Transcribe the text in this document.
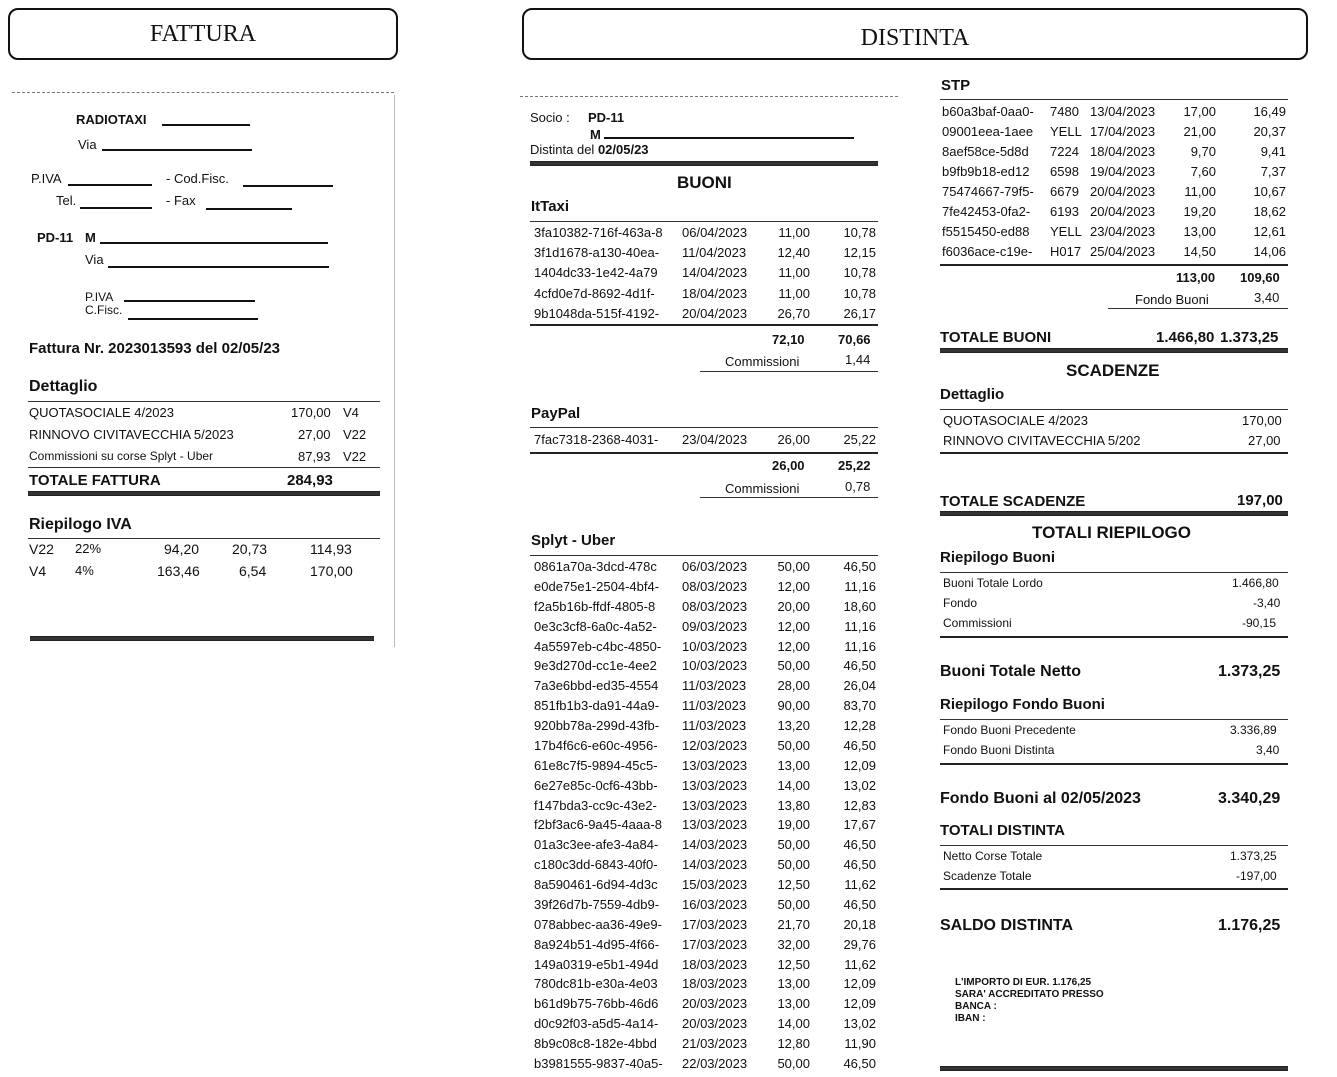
FATTURA
RADIOTAXI
Via
P.IVA	- Cod.Fisc.
Tel.	- Fax
PD-11 M
Via
P.IVA
C.Fisc.
Fattura Nr. 2023013593 del 02/05/23
Dettaglio
QUOTASOCIALE 4/2023	170,00 V4
RINNOVO CIVITAVECCHIA 5/2023	27,00 V22
Commissioni su corse Splyt - Uber	87,93 V22
TOTALE FATTURA	284,93
Riepilogo IVA
V22 22%	94,20 20,73	114,93
V4 4%	163,46	6,54	170,00
DISTINTA
Socio : PD-11
M
Distinta del 02/05/23
BUONI
ItTaxi
3fa10382-716f-463a-8	06/04/2023	11,00	10,78
3f1d1678-a130-40ea-	11/04/2023	12,40	12,15
1404dc33-1e42-4a79	14/04/2023	11,00	10,78
4cfd0e7d-8692-4d1f-	18/04/2023	11,00	10,78
9b1048da-515f-4192-	20/04/2023	26,70	26,17
72,10	70,66
Commissioni	1,44
PayPal
7fac7318-2368-4031-	23/04/2023	26,00	25,22
26,00	25,22
Commissioni	0,78
Splyt - Uber
0861a70a-3dcd-478c	06/03/2023	50,00	46,50
e0de75e1-2504-4bf4-	08/03/2023	12,00	11,16
f2a5b16b-ffdf-4805-8	08/03/2023	20,00	18,60
0e3c3cf8-6a0c-4a52-	09/03/2023	12,00	11,16
4a5597eb-c4bc-4850-	10/03/2023	12,00	11,16
9e3d270d-cc1e-4ee2	10/03/2023	50,00	46,50
7a3e6bbd-ed35-4554	11/03/2023	28,00	26,04
851fb1b3-da91-44a9-	11/03/2023	90,00	83,70
920bb78a-299d-43fb-	11/03/2023	13,20	12,28
17b4f6c6-e60c-4956-	12/03/2023	50,00	46,50
61e8c7f5-9894-45c5-	13/03/2023	13,00	12,09
6e27e85c-0cf6-43bb-	13/03/2023	14,00	13,02
f147bda3-cc9c-43e2-	13/03/2023	13,80	12,83
f2bf3ac6-9a45-4aaa-8	13/03/2023	19,00	17,67
01a3c3ee-afe3-4a84-	14/03/2023	50,00	46,50
c180c3dd-6843-40f0-	14/03/2023	50,00	46,50
8a590461-6d94-4d3c	15/03/2023	12,50	11,62
39f26d7b-7559-4db9-	16/03/2023	50,00	46,50
078abbec-aa36-49e9-	17/03/2023	21,70	20,18
8a924b51-4d95-4f66-	17/03/2023	32,00	29,76
149a0319-e5b1-494d	18/03/2023	12,50	11,62
780dc81b-e30a-4e03	18/03/2023	13,00	12,09
b61d9b75-76bb-46d6	20/03/2023	13,00	12,09
d0c92f03-a5d5-4a14-	20/03/2023	14,00	13,02
8b9c08c8-182e-4bbd	21/03/2023	12,80	11,90
b3981555-9837-40a5-	22/03/2023	50,00	46,50
STP
b60a3baf-0aa0-	7480 13/04/2023	17,00	16,49
09001eea-1aee	YELL 17/04/2023	21,00	20,37
8aef58ce-5d8d	7224 18/04/2023	9,70	9,41
b9fb9b18-ed12	6598 19/04/2023	7,60	7,37
75474667-79f5-	6679 20/04/2023	11,00	10,67
7fe42453-0fa2-	6193 20/04/2023	19,20	18,62
f5515450-ed88	YELL 23/04/2023	13,00	12,61
f6036ace-c19e-	H017 25/04/2023	14,50	14,06
113,00 109,60
Fondo Buoni	3,40
TOTALE BUONI	1.466,80 1.373,25
SCADENZE
Dettaglio
QUOTASOCIALE 4/2023	170,00
RINNOVO CIVITAVECCHIA 5/202	27,00
TOTALE SCADENZE	197,00
TOTALI RIEPILOGO
Riepilogo Buoni
Buoni Totale Lordo	1.466,80
Fondo	-3,40
Commissioni	-90,15
Buoni Totale Netto	1.373,25
Riepilogo Fondo Buoni
Fondo Buoni Precedente	3.336,89
Fondo Buoni Distinta	3,40
Fondo Buoni al 02/05/2023	3.340,29
TOTALI DISTINTA
Netto Corse Totale	1.373,25
Scadenze Totale	-197,00
SALDO DISTINTA	1.176,25
L'IMPORTO DI EUR. 1.176,25
SARA' ACCREDITATO PRESSO
BANCA :
IBAN :
